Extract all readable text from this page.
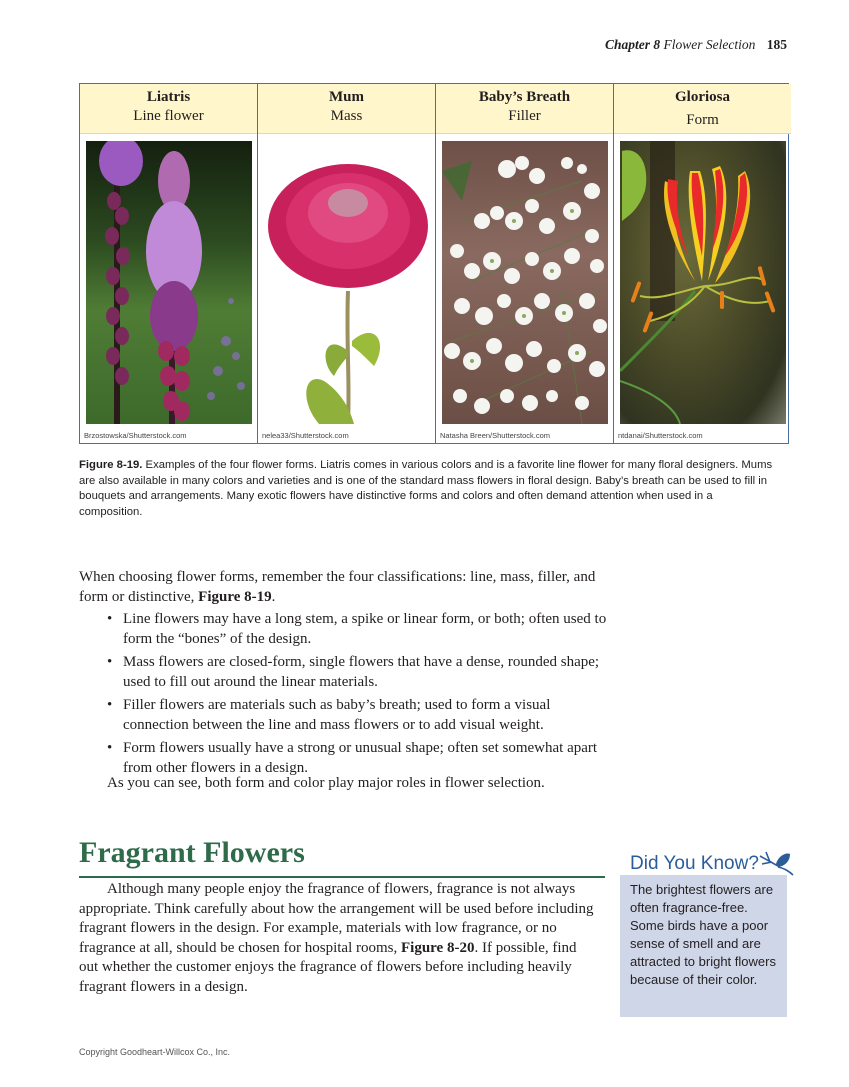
Chapter 8 Flower Selection 185
Liatris
Line flower
Brzostowska/Shutterstock.com
Mum
Mass
nelea33/Shutterstock.com
Baby’s Breath
Filler
Natasha Breen/Shutterstock.com
Gloriosa
Form
ntdanai/Shutterstock.com
Figure 8-19. Examples of the four flower forms. Liatris comes in various colors and is a favorite line flower for many floral designers. Mums are also available in many colors and varieties and is one of the standard mass flowers in floral design. Baby’s breath can be used to fill in bouquets and arrangements. Many exotic flowers have distinctive forms and colors and often demand attention when used in a composition.
When choosing flower forms, remember the four classifications: line, mass, filler, and form or distinctive, Figure 8-19.
• Line flowers may have a long stem, a spike or linear form, or both; often used to form the “bones” of the design.
• Mass flowers are closed-form, single flowers that have a dense, rounded shape; used to fill out around the linear materials.
• Filler flowers are materials such as baby’s breath; used to form a visual connection between the line and mass flowers or to add visual weight.
• Form flowers usually have a strong or unusual shape; often set somewhat apart from other flowers in a design.
As you can see, both form and color play major roles in flower selection.
Fragrant Flowers
Although many people enjoy the fragrance of flowers, fragrance is not always appropriate. Think carefully about how the arrangement will be used before including fragrant flowers in the design. For example, materials with low fragrance, or no fragrance at all, should be chosen for hospital rooms, Figure 8-20. If possible, find out whether the customer enjoys the fragrance of flowers before including heavily fragrant flowers in a design.
Did You Know?
The brightest flowers are often fragrance-free. Some birds have a poor sense of smell and are attracted to bright flowers because of their color.
Copyright Goodheart-Willcox Co., Inc.
